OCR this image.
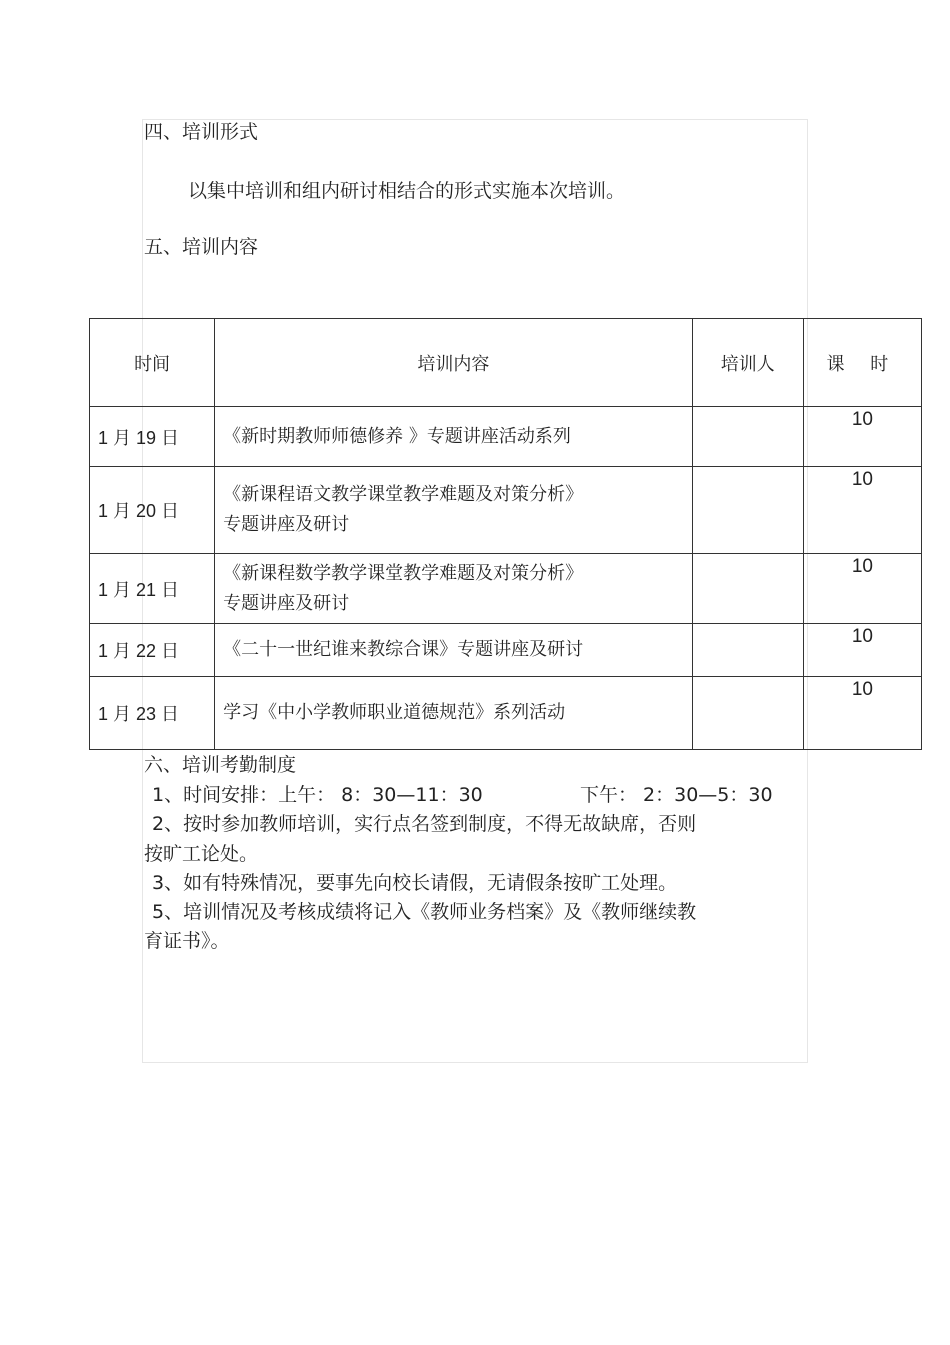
四、培训形式
以集中培训和组内研讨相结合的形式实施本次培训。
五、培训内容
时间	培训内容	培训人	课 时
1 月 19 日	《新时期教师师德修养 》专题讲座活动系列		10
1 月 20 日	《新课程语文教学课堂教学难题及对策分析》
专题讲座及研讨		10
1 月 21 日	《新课程数学教学课堂教学难题及对策分析》
专题讲座及研讨		10
1 月 22 日	《二十一世纪谁来教综合课》专题讲座及研讨		10
1 月 23 日	学习《中小学教师职业道德规范》系列活动		10
六、培训考勤制度
1、时间安排：上午： 8：30—11：30	下午： 2：30—5：30
2、按时参加教师培训，实行点名签到制度，不得无故缺席，否则
按旷工论处。
3、如有特殊情况，要事先向校长请假，无请假条按旷工处理。
5、培训情况及考核成绩将记入《教师业务档案》及《教师继续教
育证书》。
